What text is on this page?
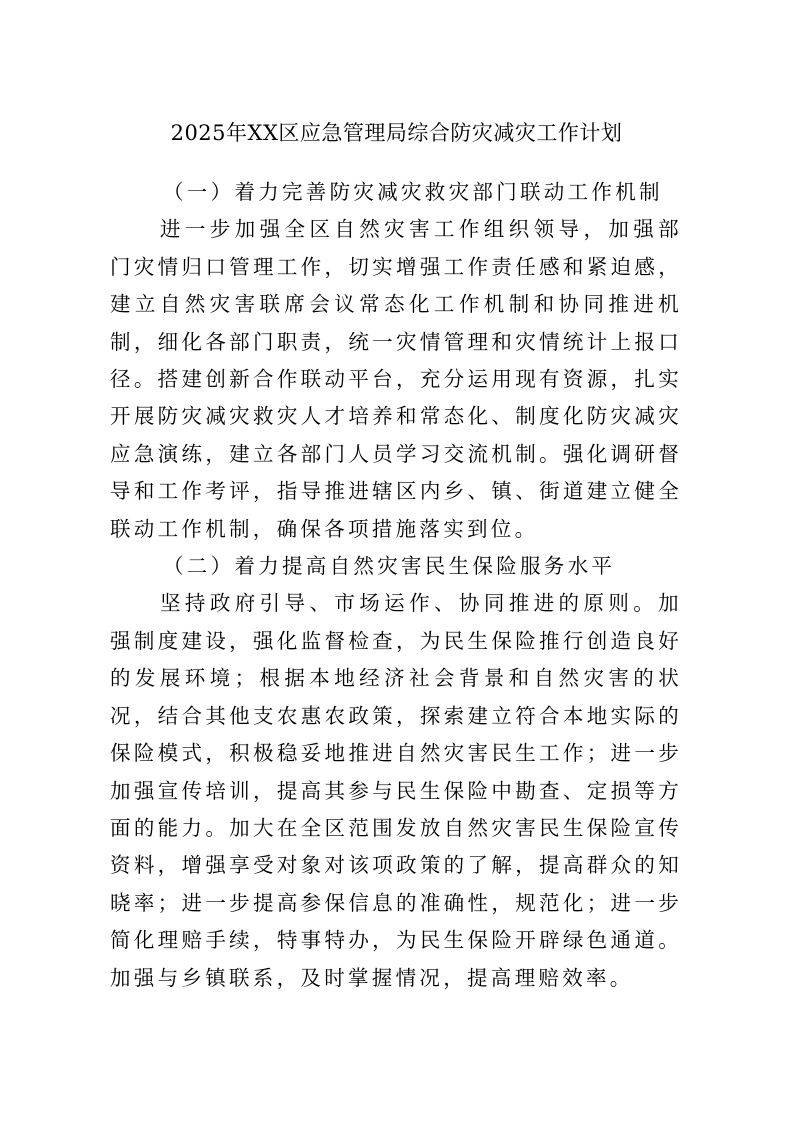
2025年XX区应急管理局综合防灾减灾工作计划
（一）着力完善防灾减灾救灾部门联动工作机制

进一步加强全区自然灾害工作组织领导，加强部门灾情归口管理工作，切实增强工作责任感和紧迫感，建立自然灾害联席会议常态化工作机制和协同推进机制，细化各部门职责，统一灾情管理和灾情统计上报口径。搭建创新合作联动平台，充分运用现有资源，扎实开展防灾减灾救灾人才培养和常态化、制度化防灾减灾应急演练，建立各部门人员学习交流机制。强化调研督导和工作考评，指导推进辖区内乡、镇、街道建立健全联动工作机制，确保各项措施落实到位。

（二）着力提高自然灾害民生保险服务水平

坚持政府引导、市场运作、协同推进的原则。加强制度建设，强化监督检查，为民生保险推行创造良好的发展环境；根据本地经济社会背景和自然灾害的状况，结合其他支农惠农政策，探索建立符合本地实际的保险模式，积极稳妥地推进自然灾害民生工作；进一步加强宣传培训，提高其参与民生保险中勘查、定损等方面的能力。加大在全区范围发放自然灾害民生保险宣传资料，增强享受对象对该项政策的了解，提高群众的知晓率；进一步提高参保信息的准确性，规范化；进一步简化理赔手续，特事特办，为民生保险开辟绿色通道。加强与乡镇联系，及时掌握情况，提高理赔效率。
